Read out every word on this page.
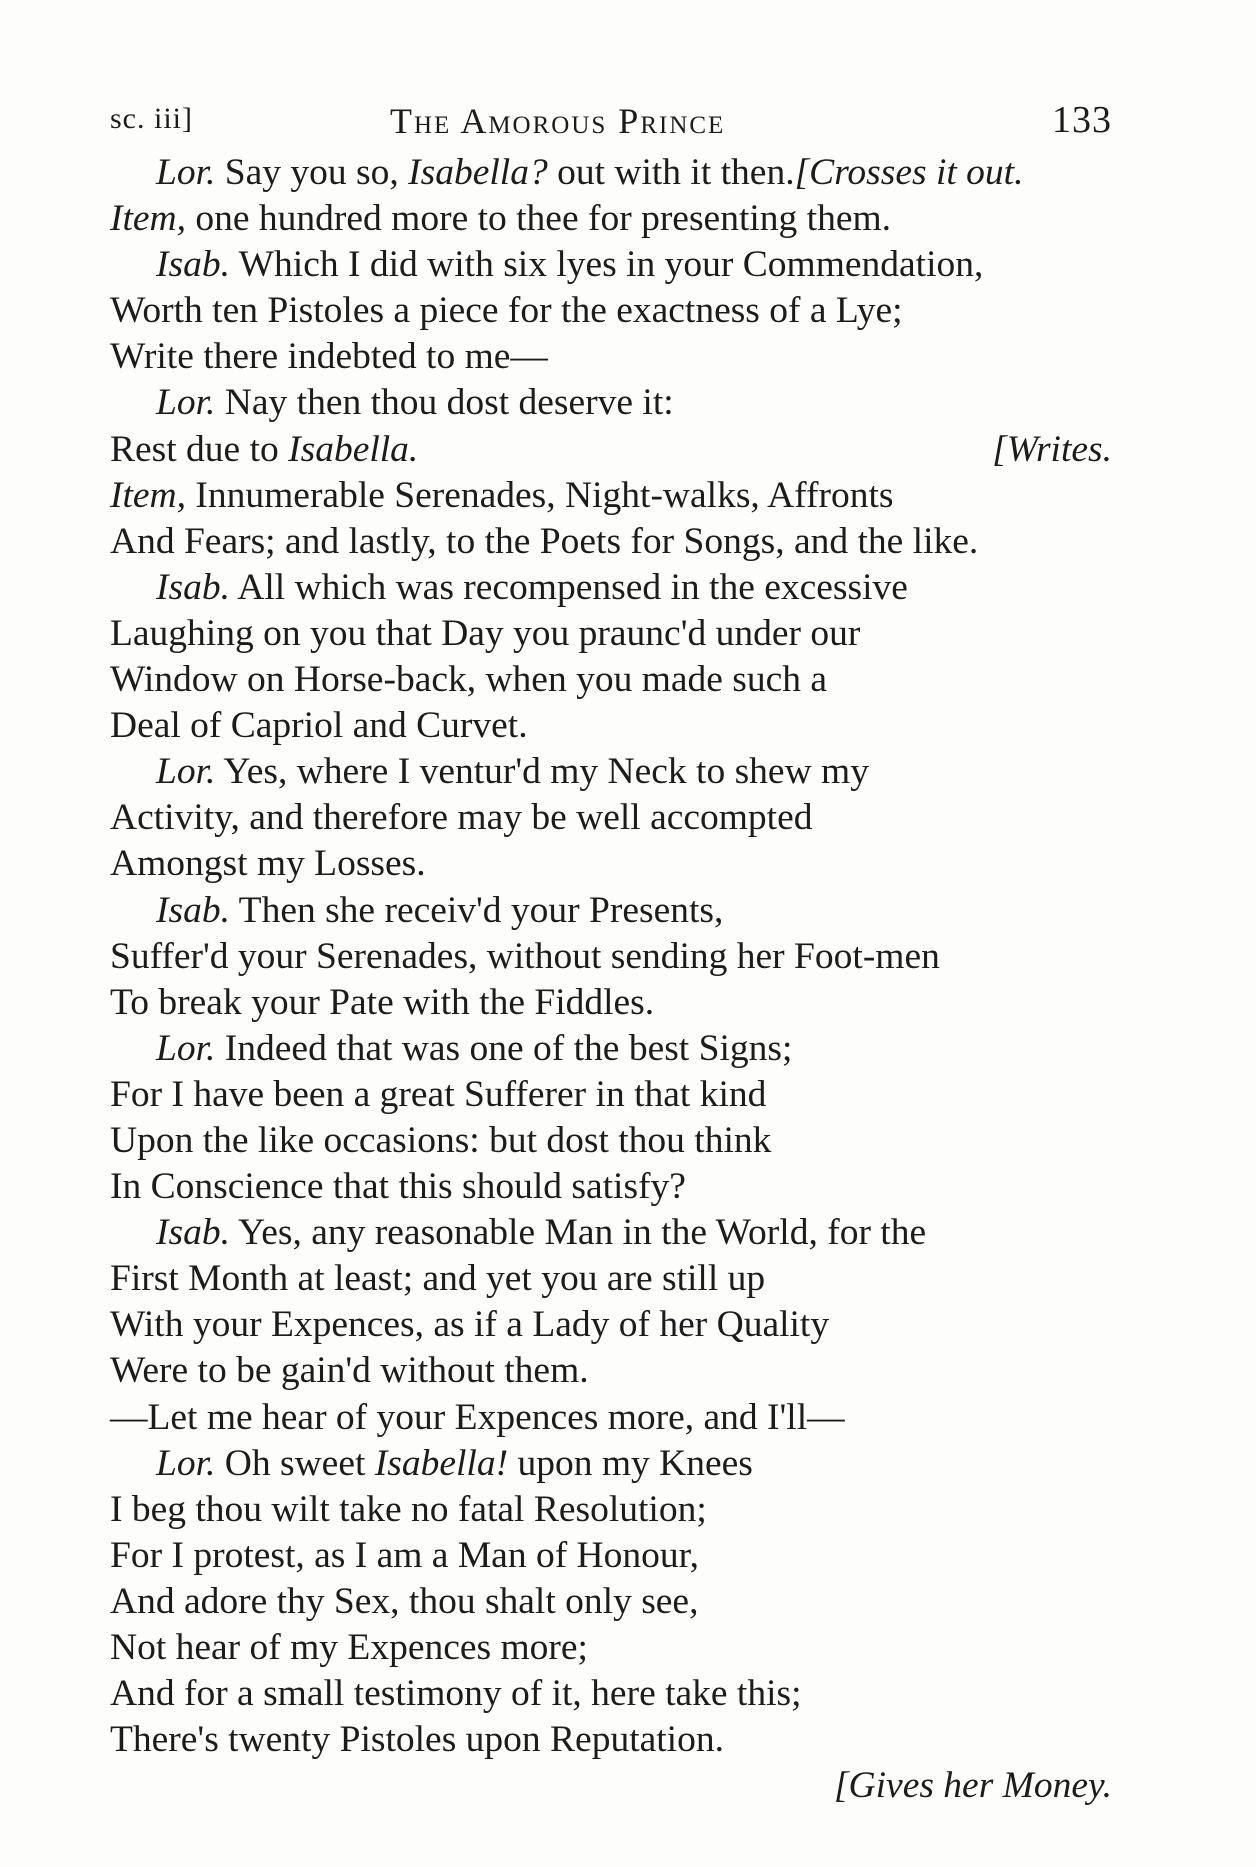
sc. iii]	The Amorous Prince	133
Lor. Say you so, Isabella? out with it then.[Crosses it out.
Item, one hundred more to thee for presenting them.
Isab. Which I did with six lyes in your Commendation,
Worth ten Pistoles a piece for the exactness of a Lye;
Write there indebted to me—
Lor. Nay then thou dost deserve it:
Rest due to Isabella.	[Writes.
Item, Innumerable Serenades, Night-walks, Affronts
And Fears; and lastly, to the Poets for Songs, and the like.
Isab. All which was recompensed in the excessive
Laughing on you that Day you praunc'd under our
Window on Horse-back, when you made such a
Deal of Capriol and Curvet.
Lor. Yes, where I ventur'd my Neck to shew my
Activity, and therefore may be well accompted
Amongst my Losses.
Isab. Then she receiv'd your Presents,
Suffer'd your Serenades, without sending her Foot-men
To break your Pate with the Fiddles.
Lor. Indeed that was one of the best Signs;
For I have been a great Sufferer in that kind
Upon the like occasions: but dost thou think
In Conscience that this should satisfy?
Isab. Yes, any reasonable Man in the World, for the
First Month at least; and yet you are still up
With your Expences, as if a Lady of her Quality
Were to be gain'd without them.
—Let me hear of your Expences more, and I'll—
Lor. Oh sweet Isabella! upon my Knees
I beg thou wilt take no fatal Resolution;
For I protest, as I am a Man of Honour,
And adore thy Sex, thou shalt only see,
Not hear of my Expences more;
And for a small testimony of it, here take this;
There's twenty Pistoles upon Reputation.
[Gives her Money.
